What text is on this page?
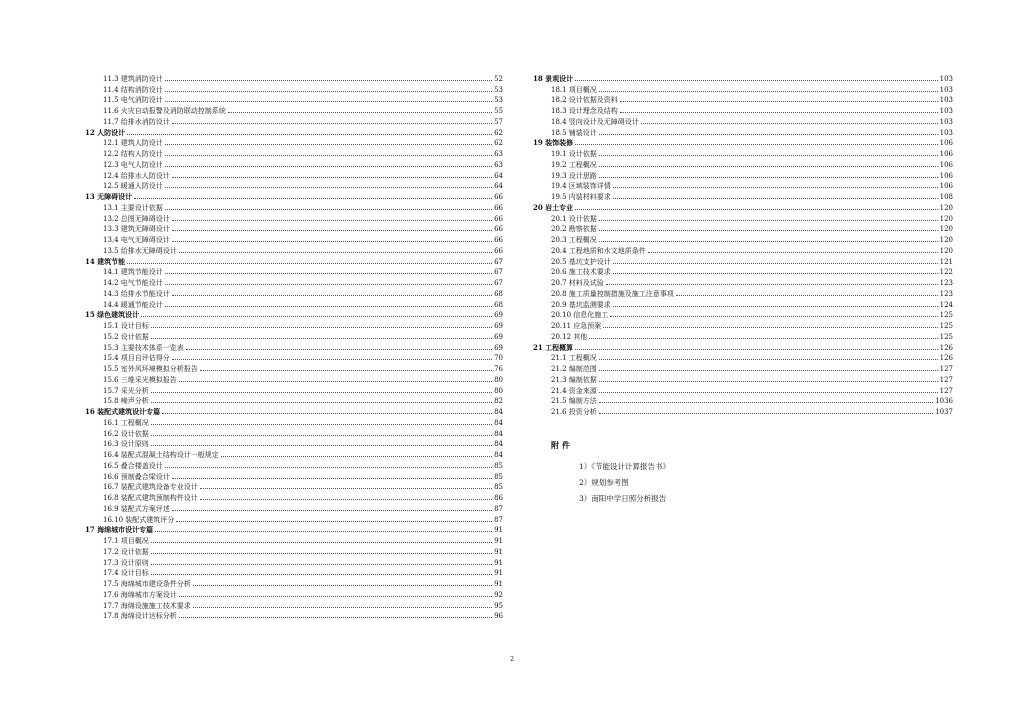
11.3 建筑消防设计	52
11.4 结构消防设计	53
11.5 电气消防设计	53
11.6 火灾自动报警及消防联动控制系统	55
11.7 给排水消防设计	57
12 人防设计	62
12.1 建筑人防设计	62
12.2 结构人防设计	63
12.3 电气人防设计	63
12.4 给排水人防设计	64
12.5 暖通人防设计	64
13 无障碍设计	66
13.1 主要设计依据	66
13.2 总图无障碍设计	66
13.3 建筑无障碍设计	66
13.4 电气无障碍设计	66
13.5 给排水无障碍设计	66
14 建筑节能	67
14.1 建筑节能设计	67
14.2 电气节能设计	67
14.3 给排水节能设计	68
14.4 暖通节能设计	68
15 绿色建筑设计	69
15.1 设计目标	69
15.2 设计依据	69
15.3 主要技术体系一览表	69
15.4 项目自评估得分	70
15.5 室外风环境模拟分析报告	76
15.6 三维采光模拟报告	80
15.7 采光分析	80
15.8 噪声分析	82
16 装配式建筑设计专篇	84
16.1 工程概况	84
16.2 设计依据	84
16.3 设计原则	84
16.4 装配式混凝土结构设计一般规定	84
16.5 叠合楼盖设计	85
16.6 预制叠合梁设计	85
16.7 装配式建筑设备专业设计	85
16.8 装配式建筑预制构件设计	86
16.9 装配式方案评述	87
16.10 装配式建筑评分	87
17 海绵城市设计专篇	91
17.1 项目概况	91
17.2 设计依据	91
17.3 设计原则	91
17.4 设计目标	91
17.5 海绵城市建设条件分析	91
17.6 海绵城市方案设计	92
17.7 海绵设施施工技术要求	95
17.8 海绵设计达标分析	96
18 景观设计	103
18.1 项目概况	103
18.2 设计依据及资料	103
18.3 设计理念及结构	103
18.4 竖向设计及无障碍设计	103
18.5 铺装设计	103
19 装饰装修	106
19.1 设计依据	106
19.2 工程概况	106
19.3 设计思路	106
19.4 区域装饰详情	106
19.5 内装材料要求	108
20 岩土专业	120
20.1 设计依据	120
20.2 勘察依据	120
20.3 工程概况	120
20.4 工程地质和水文地质条件	120
20.5 基坑支护设计	121
20.6 施工技术要求	122
20.7 材料及试验	123
20.8 施工质量控制措施及施工注意事项	123
20.9 基坑监测要求	124
20.10 信息化施工	125
20.11 应急预案	125
20.12 其他	125
21 工程概算	126
21.1 工程概况	126
21.2 编制范围	127
21.3 编制依据	127
21.4 资金来源	127
21.5 编制方法	1036
21.6 投资分析	1037
附件
1）《节能设计计算报告书》
2）规划参考图
3）南阳中学日照分析报告
2
